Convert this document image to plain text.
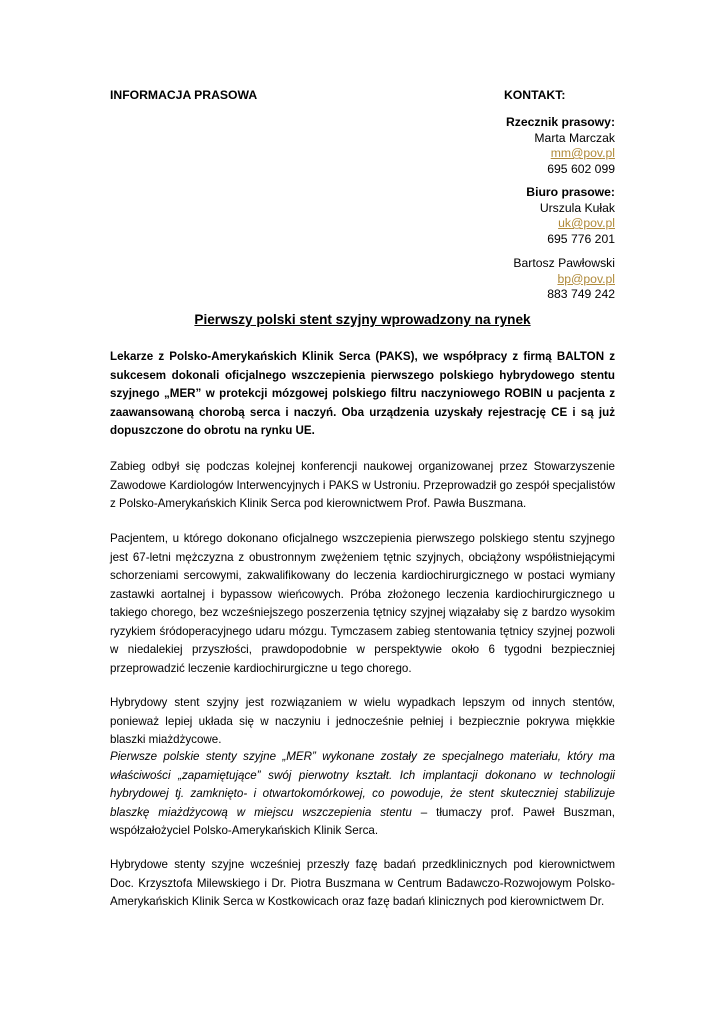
INFORMACJA PRASOWA	KONTAKT:
Rzecznik prasowy:
Marta Marczak
mm@pov.pl
695 602 099
Biuro prasowe:
Urszula Kułak
uk@pov.pl
695 776 201
Bartosz Pawłowski
bp@pov.pl
883 749 242
Pierwszy polski stent szyjny wprowadzony na rynek

Lekarze z Polsko-Amerykańskich Klinik Serca (PAKS), we współpracy z firmą BALTON z sukcesem dokonali oficjalnego wszczepienia pierwszego polskiego hybrydowego stentu szyjnego „MER” w protekcji mózgowej polskiego filtru naczyniowego ROBIN u pacjenta z zaawansowaną chorobą serca i naczyń. Oba urządzenia uzyskały rejestrację CE i są już dopuszczone do obrotu na rynku UE.

Zabieg odbył się podczas kolejnej konferencji naukowej organizowanej przez Stowarzyszenie Zawodowe Kardiologów Interwencyjnych i PAKS w Ustroniu. Przeprowadził go zespół specjalistów z Polsko-Amerykańskich Klinik Serca pod kierownictwem Prof. Pawła Buszmana.

Pacjentem, u którego dokonano oficjalnego wszczepienia pierwszego polskiego stentu szyjnego jest 67-letni mężczyzna z obustronnym zwężeniem tętnic szyjnych, obciążony współistniejącymi schorzeniami sercowymi, zakwalifikowany do leczenia kardiochirurgicznego w postaci wymiany zastawki aortalnej i bypassow wieńcowych. Próba złożonego leczenia kardiochirurgicznego u takiego chorego, bez wcześniejszego poszerzenia tętnicy szyjnej wiązałaby się z bardzo wysokim ryzykiem śródoperacyjnego udaru mózgu. Tymczasem zabieg stentowania tętnicy szyjnej pozwoli w niedalekiej przyszłości, prawdopodobnie w perspektywie około 6 tygodni bezpieczniej przeprowadzić leczenie kardiochirurgiczne u tego chorego.

Hybrydowy stent szyjny jest rozwiązaniem w wielu wypadkach lepszym od innych stentów, ponieważ lepiej układa się w naczyniu i jednocześnie pełniej i bezpiecznie pokrywa miękkie blaszki miażdżycowe.

Pierwsze polskie stenty szyjne „MER” wykonane zostały ze specjalnego materiału, który ma właściwości „zapamiętujące” swój pierwotny kształt. Ich implantacji dokonano w technologii hybrydowej tj. zamknięto- i otwartokomórkowej, co powoduje, że stent skuteczniej stabilizuje blaszkę miażdżycową w miejscu wszczepienia stentu – tłumaczy prof. Paweł Buszman, współzałożyciel Polsko-Amerykańskich Klinik Serca.

Hybrydowe stenty szyjne wcześniej przeszły fazę badań przedklinicznych pod kierownictwem Doc. Krzysztofa Milewskiego i Dr. Piotra Buszmana w Centrum Badawczo-Rozwojowym Polsko-Amerykańskich Klinik Serca w Kostkowicach oraz fazę badań klinicznych pod kierownictwem Dr.
